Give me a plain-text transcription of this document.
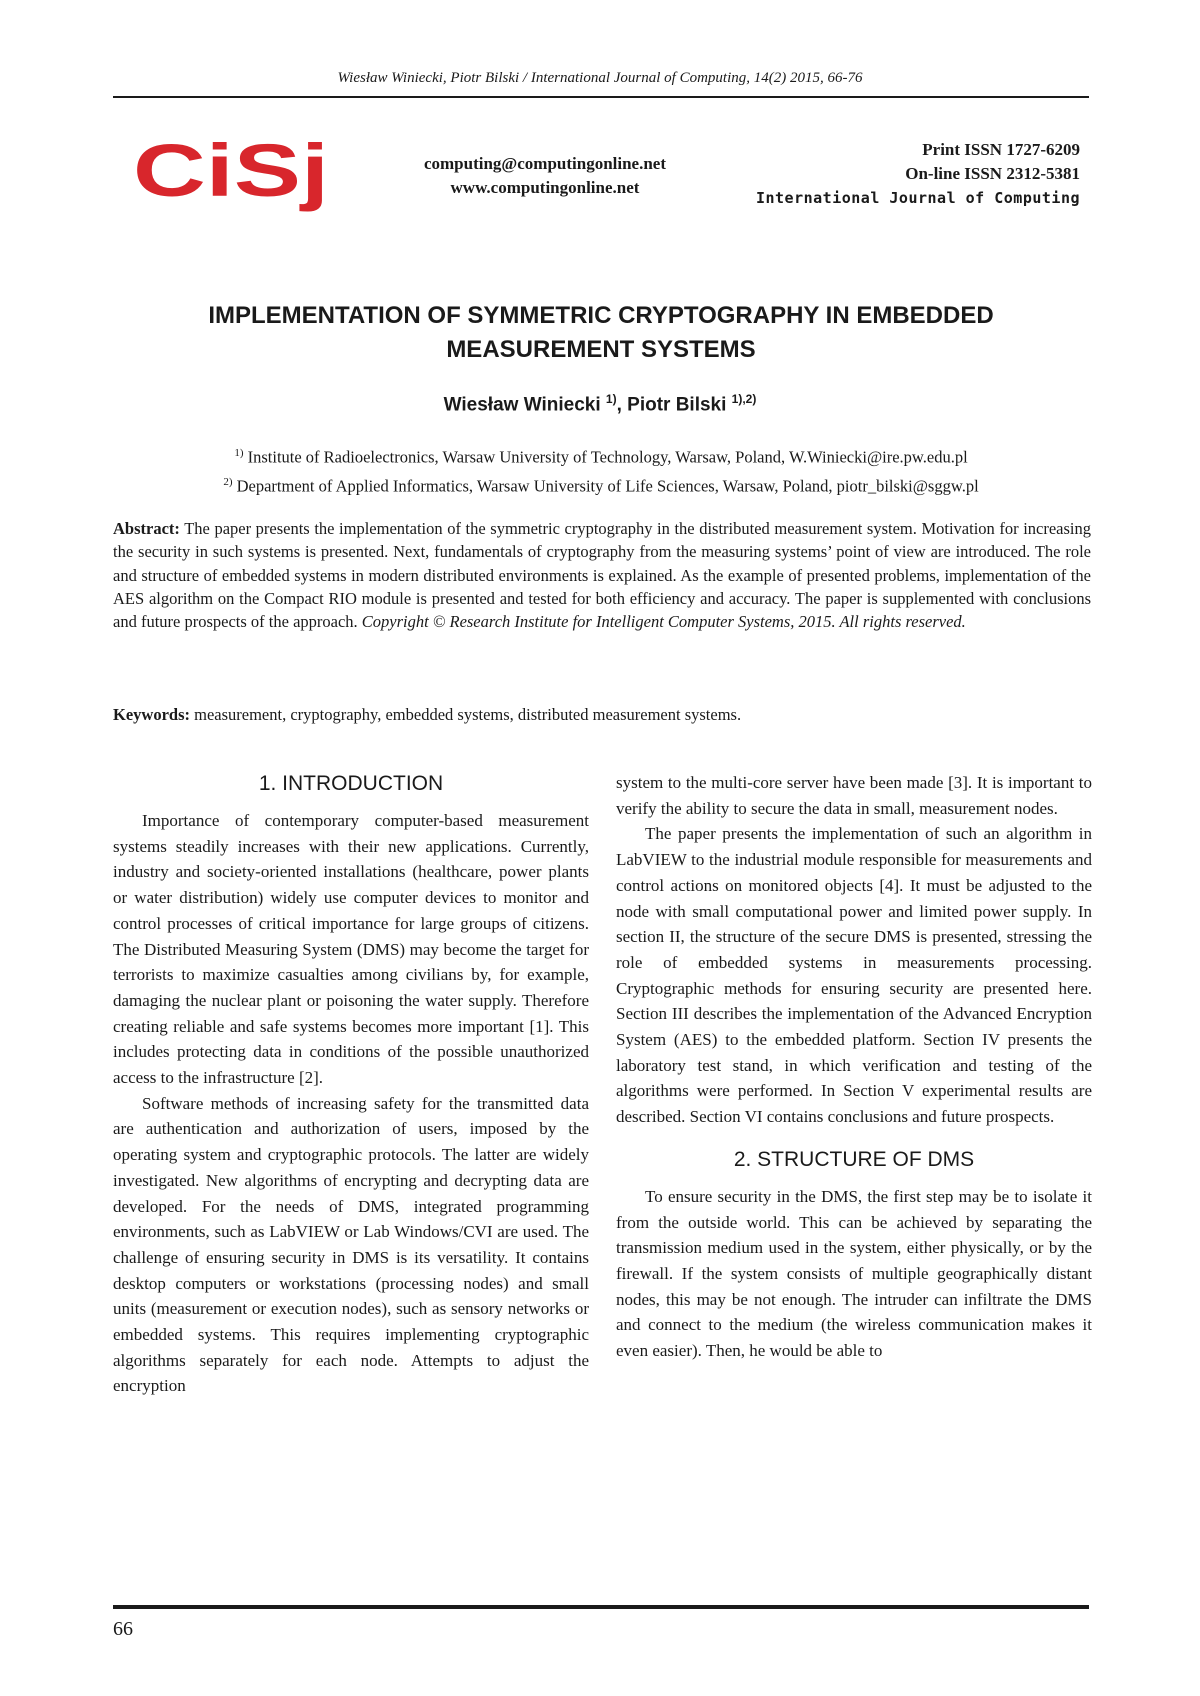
Wiesław Winiecki, Piotr Bilski / International Journal of Computing, 14(2) 2015, 66-76
CiSj	computing@computingonline.net
www.computingonline.net
Print ISSN 1727-6209
On-line ISSN 2312-5381
International Journal of Computing
IMPLEMENTATION OF SYMMETRIC CRYPTOGRAPHY IN EMBEDDED MEASUREMENT SYSTEMS
Wiesław Winiecki $^{1)}$, Piotr Bilski $^{1),2)}$
$^{1)}$ Institute of Radioelectronics, Warsaw University of Technology, Warsaw, Poland, W.Winiecki@ire.pw.edu.pl
$^{2)}$ Department of Applied Informatics, Warsaw University of Life Sciences, Warsaw, Poland, piotr_bilski@sggw.pl
Abstract: The paper presents the implementation of the symmetric cryptography in the distributed measurement system. Motivation for increasing the security in such systems is presented. Next, fundamentals of cryptography from the measuring systems’ point of view are introduced. The role and structure of embedded systems in modern distributed environments is explained. As the example of presented problems, implementation of the AES algorithm on the Compact RIO module is presented and tested for both efficiency and accuracy. The paper is supplemented with conclusions and future prospects of the approach. Copyright © Research Institute for Intelligent Computer Systems, 2015. All rights reserved.
Keywords: measurement, cryptography, embedded systems, distributed measurement systems.
1. INTRODUCTION

Importance of contemporary computer-based measurement systems steadily increases with their new applications. Currently, industry and society-oriented installations (healthcare, power plants or water distribution) widely use computer devices to monitor and control processes of critical importance for large groups of citizens. The Distributed Measuring System (DMS) may become the target for terrorists to maximize casualties among civilians by, for example, damaging the nuclear plant or poisoning the water supply. Therefore creating reliable and safe systems becomes more important [1]. This includes protecting data in conditions of the possible unauthorized access to the infrastructure [2].

Software methods of increasing safety for the transmitted data are authentication and authorization of users, imposed by the operating system and cryptographic protocols. The latter are widely investigated. New algorithms of encrypting and decrypting data are developed. For the needs of DMS, integrated programming environments, such as LabVIEW or Lab Windows/CVI are used. The challenge of ensuring security in DMS is its versatility. It contains desktop computers or workstations (processing nodes) and small units (measurement or execution nodes), such as sensory networks or embedded systems. This requires implementing cryptographic algorithms separately for each node. Attempts to adjust the encryption

system to the multi-core server have been made [3]. It is important to verify the ability to secure the data in small, measurement nodes.

The paper presents the implementation of such an algorithm in LabVIEW to the industrial module responsible for measurements and control actions on monitored objects [4]. It must be adjusted to the node with small computational power and limited power supply. In section II, the structure of the secure DMS is presented, stressing the role of embedded systems in measurements processing. Cryptographic methods for ensuring security are presented here. Section III describes the implementation of the Advanced Encryption System (AES) to the embedded platform. Section IV presents the laboratory test stand, in which verification and testing of the algorithms were performed. In Section V experimental results are described. Section VI contains conclusions and future prospects.

2. STRUCTURE OF DMS

To ensure security in the DMS, the first step may be to isolate it from the outside world. This can be achieved by separating the transmission medium used in the system, either physically, or by the firewall. If the system consists of multiple geographically distant nodes, this may be not enough. The intruder can infiltrate the DMS and connect to the medium (the wireless communication makes it even easier). Then, he would be able to

66
